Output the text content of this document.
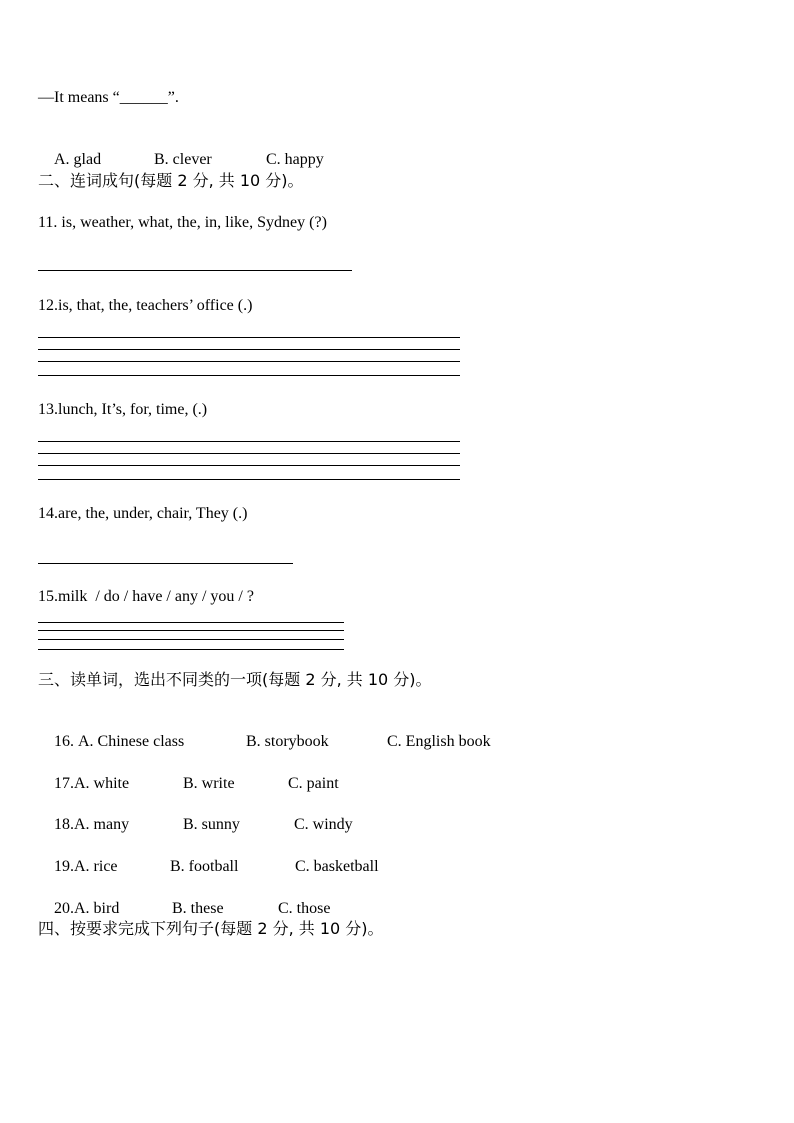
—It means “______”.

A. glad	B. clever	C. happy

二、连词成句(每题 2 分, 共 10 分)。
11. is, weather, what, the, in, like, Sydney (?)
12.is, that, the, teachers’ office (.)
13.lunch, It’s, for, time, (.)
14.are, the, under, chair, They (.)
15.milk  / do / have / any / you / ?
三、读单词，选出不同类的一项(每题 2 分, 共 10 分)。

16. A. Chinese class	B. storybook	C. English book

17.A. white	B. write	C. paint

18.A. many	B. sunny	C. windy

19.A. rice	B. football	C. basketball

20.A. bird	B. these	C. those

四、按要求完成下列句子(每题 2 分, 共 10 分)。
